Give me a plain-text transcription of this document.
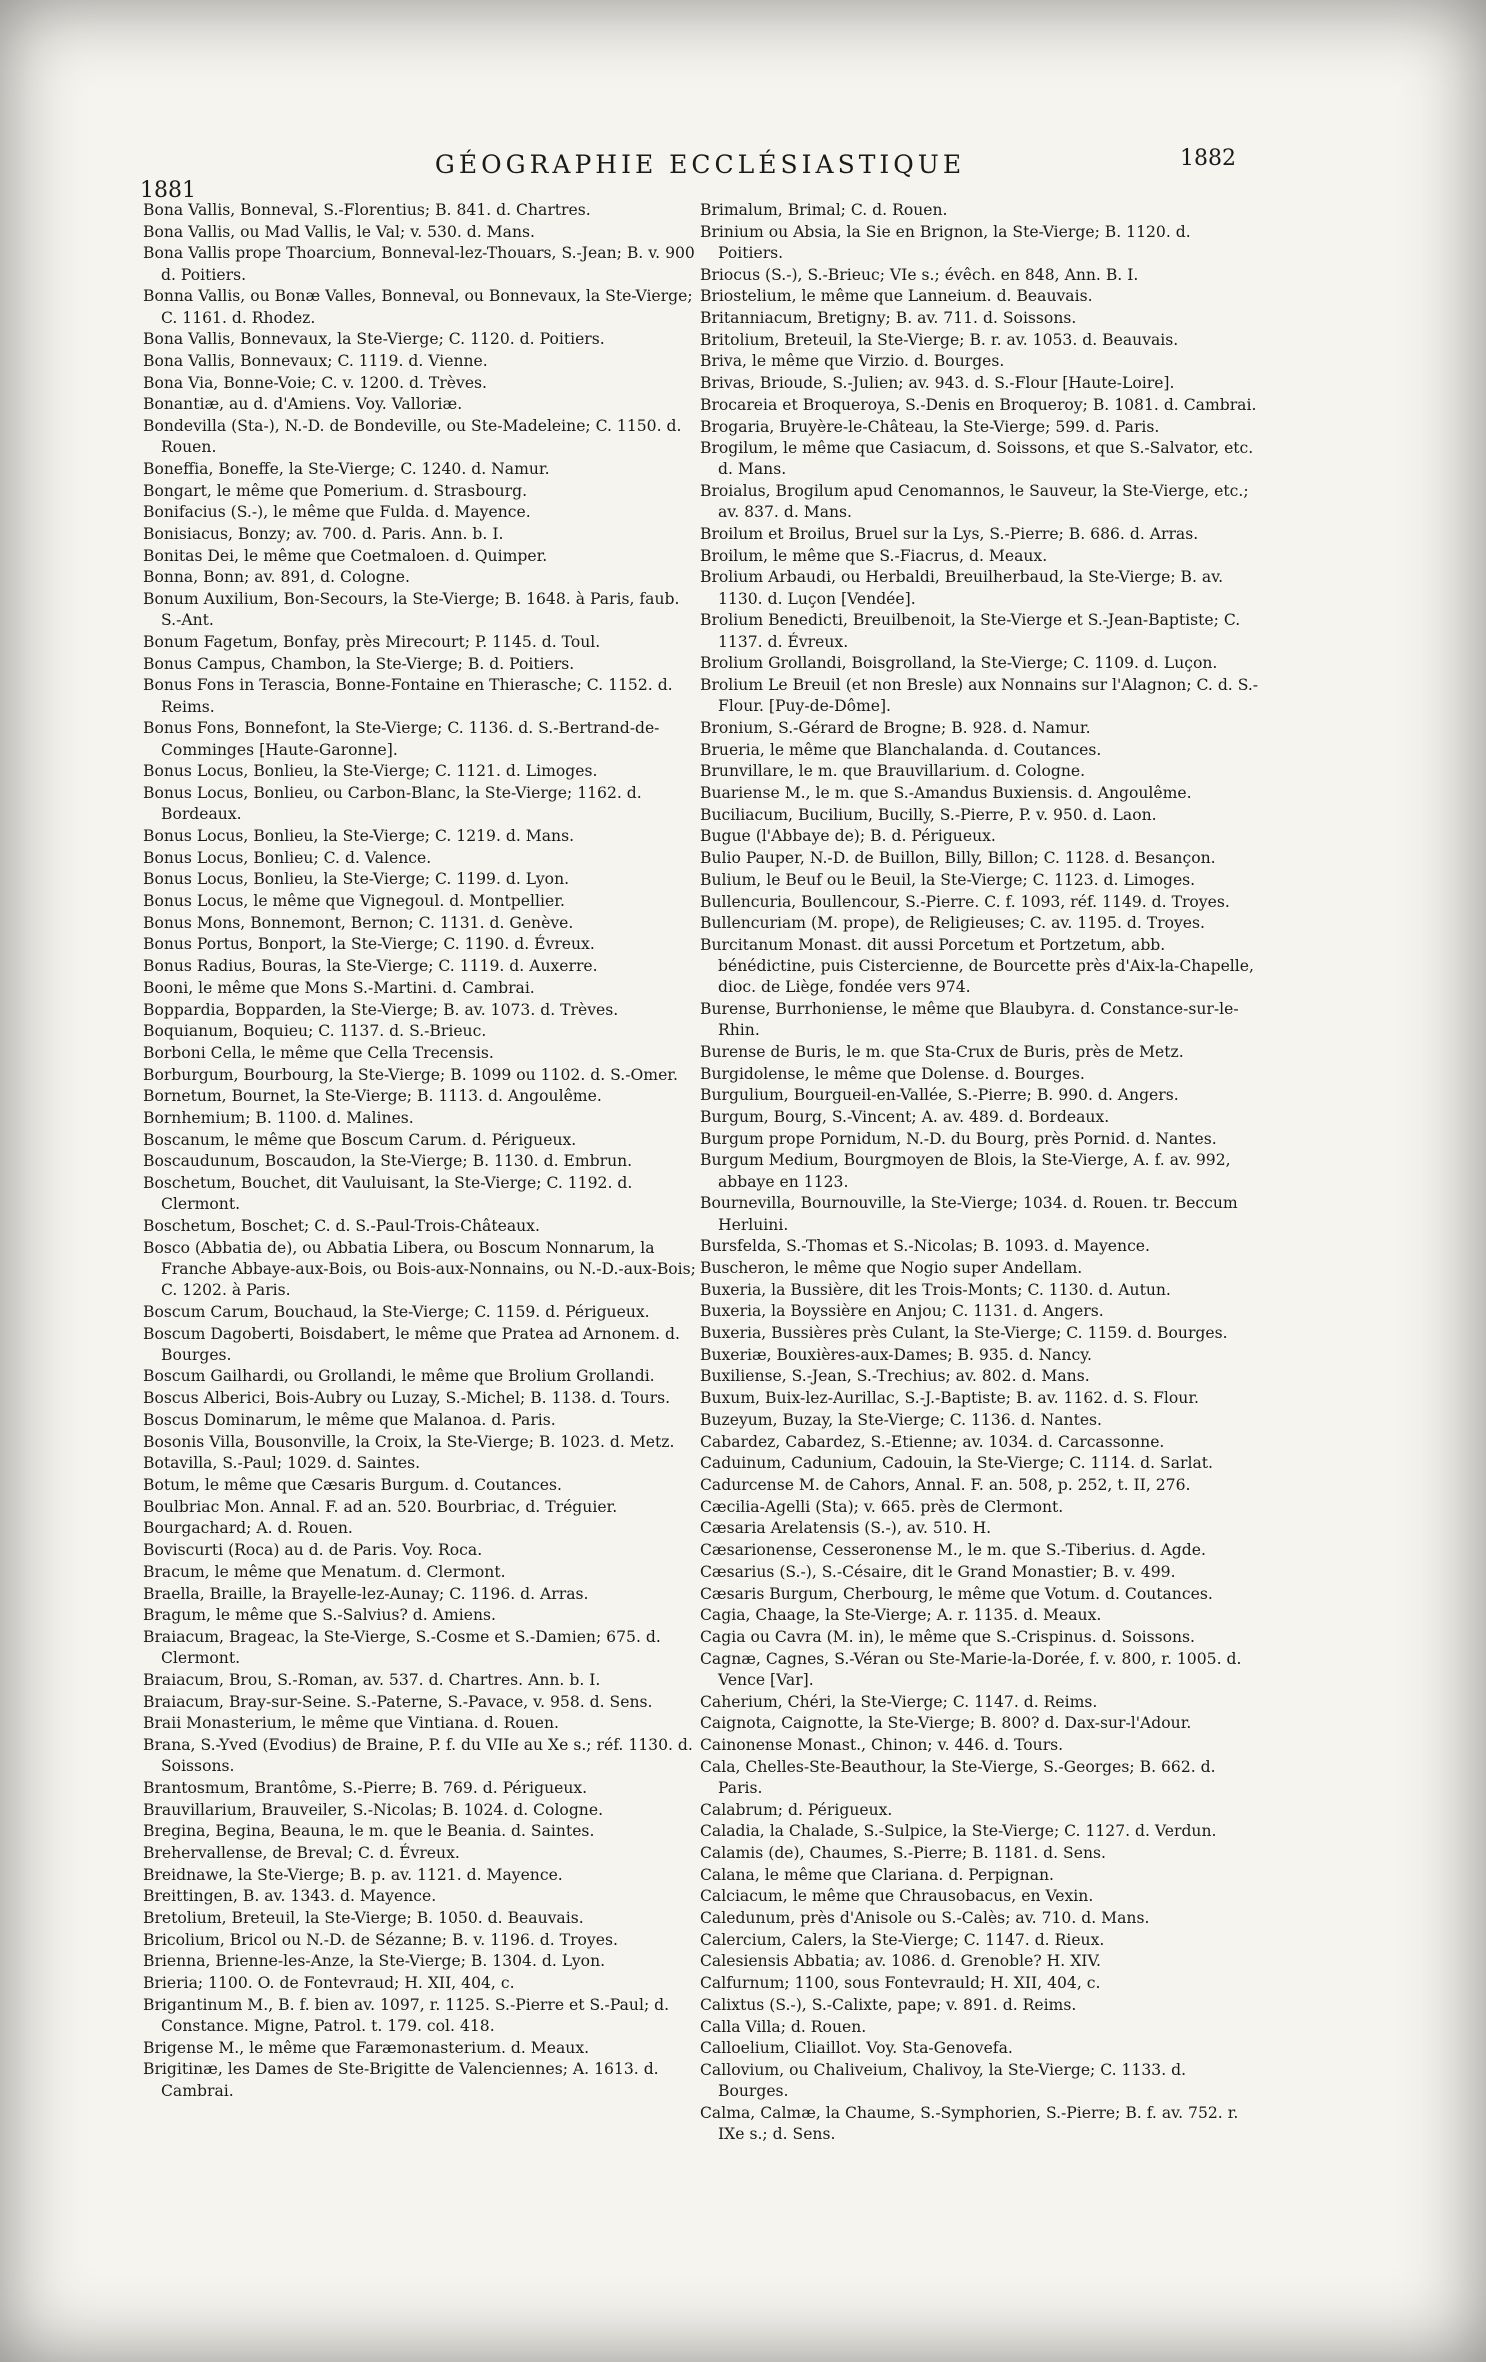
1881
GÉOGRAPHIE ECCLÉSIASTIQUE	1882

Bona Vallis, Bonneval, S.-Florentius; B. 841. d. Chartres.

Bona Vallis, ou Mad Vallis, le Val; v. 530. d. Mans.

Bona Vallis prope Thoarcium, Bonneval-lez-Thouars, S.-Jean; B. v. 900 d. Poitiers.

Bonna Vallis, ou Bonæ Valles, Bonneval, ou Bonnevaux, la Ste-Vierge; C. 1161. d. Rhodez.

Bona Vallis, Bonnevaux, la Ste-Vierge; C. 1120. d. Poitiers.

Bona Vallis, Bonnevaux; C. 1119. d. Vienne.

Bona Via, Bonne-Voie; C. v. 1200. d. Trèves.

Bonantiæ, au d. d'Amiens. Voy. Valloriæ.

Bondevilla (Sta-), N.-D. de Bondeville, ou Ste-Madeleine; C. 1150. d. Rouen.

Boneffia, Boneffe, la Ste-Vierge; C. 1240. d. Namur.

Bongart, le même que Pomerium. d. Strasbourg.

Bonifacius (S.-), le même que Fulda. d. Mayence.

Bonisiacus, Bonzy; av. 700. d. Paris. Ann. b. I.

Bonitas Dei, le même que Coetmaloen. d. Quimper.

Bonna, Bonn; av. 891, d. Cologne.

Bonum Auxilium, Bon-Secours, la Ste-Vierge; B. 1648. à Paris, faub. S.-Ant.

Bonum Fagetum, Bonfay, près Mirecourt; P. 1145. d. Toul.

Bonus Campus, Chambon, la Ste-Vierge; B. d. Poitiers.

Bonus Fons in Terascia, Bonne-Fontaine en Thierasche; C. 1152. d. Reims.

Bonus Fons, Bonnefont, la Ste-Vierge; C. 1136. d. S.-Bertrand-de-Comminges [Haute-Garonne].

Bonus Locus, Bonlieu, la Ste-Vierge; C. 1121. d. Limoges.

Bonus Locus, Bonlieu, ou Carbon-Blanc, la Ste-Vierge; 1162. d. Bordeaux.

Bonus Locus, Bonlieu, la Ste-Vierge; C. 1219. d. Mans.

Bonus Locus, Bonlieu; C. d. Valence.

Bonus Locus, Bonlieu, la Ste-Vierge; C. 1199. d. Lyon.

Bonus Locus, le même que Vignegoul. d. Montpellier.

Bonus Mons, Bonnemont, Bernon; C. 1131. d. Genève.

Bonus Portus, Bonport, la Ste-Vierge; C. 1190. d. Évreux.

Bonus Radius, Bouras, la Ste-Vierge; C. 1119. d. Auxerre.

Booni, le même que Mons S.-Martini. d. Cambrai.

Boppardia, Bopparden, la Ste-Vierge; B. av. 1073. d. Trèves.

Boquianum, Boquieu; C. 1137. d. S.-Brieuc.

Borboni Cella, le même que Cella Trecensis.

Borburgum, Bourbourg, la Ste-Vierge; B. 1099 ou 1102. d. S.-Omer.

Bornetum, Bournet, la Ste-Vierge; B. 1113. d. Angoulême.

Bornhemium; B. 1100. d. Malines.

Boscanum, le même que Boscum Carum. d. Périgueux.

Boscaudunum, Boscaudon, la Ste-Vierge; B. 1130. d. Embrun.

Boschetum, Bouchet, dit Vauluisant, la Ste-Vierge; C. 1192. d. Clermont.

Boschetum, Boschet; C. d. S.-Paul-Trois-Châteaux.

Bosco (Abbatia de), ou Abbatia Libera, ou Boscum Nonnarum, la Franche Abbaye-aux-Bois, ou Bois-aux-Nonnains, ou N.-D.-aux-Bois; C. 1202. à Paris.

Boscum Carum, Bouchaud, la Ste-Vierge; C. 1159. d. Périgueux.

Boscum Dagoberti, Boisdabert, le même que Pratea ad Arnonem. d. Bourges.

Boscum Gailhardi, ou Grollandi, le même que Brolium Grollandi.

Boscus Alberici, Bois-Aubry ou Luzay, S.-Michel; B. 1138. d. Tours.

Boscus Dominarum, le même que Malanoa. d. Paris.

Bosonis Villa, Bousonville, la Croix, la Ste-Vierge; B. 1023. d. Metz.

Botavilla, S.-Paul; 1029. d. Saintes.

Botum, le même que Cæsaris Burgum. d. Coutances.

Boulbriac Mon. Annal. F. ad an. 520. Bourbriac, d. Tréguier.

Bourgachard; A. d. Rouen.

Boviscurti (Roca) au d. de Paris. Voy. Roca.

Bracum, le même que Menatum. d. Clermont.

Braella, Braille, la Brayelle-lez-Aunay; C. 1196. d. Arras.

Bragum, le même que S.-Salvius? d. Amiens.

Braiacum, Brageac, la Ste-Vierge, S.-Cosme et S.-Damien; 675. d. Clermont.

Braiacum, Brou, S.-Roman, av. 537. d. Chartres. Ann. b. I.

Braiacum, Bray-sur-Seine. S.-Paterne, S.-Pavace, v. 958. d. Sens.

Braii Monasterium, le même que Vintiana. d. Rouen.

Brana, S.-Yved (Evodius) de Braine, P. f. du VIIe au Xe s.; réf. 1130. d. Soissons.

Brantosmum, Brantôme, S.-Pierre; B. 769. d. Périgueux.

Brauvillarium, Brauveiler, S.-Nicolas; B. 1024. d. Cologne.

Bregina, Begina, Beauna, le m. que le Beania. d. Saintes.

Brehervallense, de Breval; C. d. Évreux.

Breidnawe, la Ste-Vierge; B. p. av. 1121. d. Mayence.

Breittingen, B. av. 1343. d. Mayence.

Bretolium, Breteuil, la Ste-Vierge; B. 1050. d. Beauvais.

Bricolium, Bricol ou N.-D. de Sézanne; B. v. 1196. d. Troyes.

Brienna, Brienne-les-Anze, la Ste-Vierge; B. 1304. d. Lyon.

Brieria; 1100. O. de Fontevraud; H. XII, 404, c.

Brigantinum M., B. f. bien av. 1097, r. 1125. S.-Pierre et S.-Paul; d. Constance. Migne, Patrol. t. 179. col. 418.

Brigense M., le même que Faræmonasterium. d. Meaux.

Brigitinæ, les Dames de Ste-Brigitte de Valenciennes; A. 1613. d. Cambrai.

Brimalum, Brimal; C. d. Rouen.

Brinium ou Absia, la Sie en Brignon, la Ste-Vierge; B. 1120. d. Poitiers.

Briocus (S.-), S.-Brieuc; VIe s.; évêch. en 848, Ann. B. I.

Briostelium, le même que Lanneium. d. Beauvais.

Britanniacum, Bretigny; B. av. 711. d. Soissons.

Britolium, Breteuil, la Ste-Vierge; B. r. av. 1053. d. Beauvais.

Briva, le même que Virzio. d. Bourges.

Brivas, Brioude, S.-Julien; av. 943. d. S.-Flour [Haute-Loire].

Brocareia et Broqueroya, S.-Denis en Broqueroy; B. 1081. d. Cambrai.

Brogaria, Bruyère-le-Château, la Ste-Vierge; 599. d. Paris.

Brogilum, le même que Casiacum, d. Soissons, et que S.-Salvator, etc. d. Mans.

Broialus, Brogilum apud Cenomannos, le Sauveur, la Ste-Vierge, etc.; av. 837. d. Mans.

Broilum et Broilus, Bruel sur la Lys, S.-Pierre; B. 686. d. Arras.

Broilum, le même que S.-Fiacrus, d. Meaux.

Brolium Arbaudi, ou Herbaldi, Breuilherbaud, la Ste-Vierge; B. av. 1130. d. Luçon [Vendée].

Brolium Benedicti, Breuilbenoit, la Ste-Vierge et S.-Jean-Baptiste; C. 1137. d. Évreux.

Brolium Grollandi, Boisgrolland, la Ste-Vierge; C. 1109. d. Luçon.

Brolium Le Breuil (et non Bresle) aux Nonnains sur l'Alagnon; C. d. S.-Flour. [Puy-de-Dôme].

Bronium, S.-Gérard de Brogne; B. 928. d. Namur.

Brueria, le même que Blanchalanda. d. Coutances.

Brunvillare, le m. que Brauvillarium. d. Cologne.

Buariense M., le m. que S.-Amandus Buxiensis. d. Angoulême.

Buciliacum, Bucilium, Bucilly, S.-Pierre, P. v. 950. d. Laon.

Bugue (l'Abbaye de); B. d. Périgueux.

Bulio Pauper, N.-D. de Buillon, Billy, Billon; C. 1128. d. Besançon.

Bulium, le Beuf ou le Beuil, la Ste-Vierge; C. 1123. d. Limoges.

Bullencuria, Boullencour, S.-Pierre. C. f. 1093, réf. 1149. d. Troyes.

Bullencuriam (M. prope), de Religieuses; C. av. 1195. d. Troyes.

Burcitanum Monast. dit aussi Porcetum et Portzetum, abb. bénédictine, puis Cistercienne, de Bourcette près d'Aix-la-Chapelle, dioc. de Liège, fondée vers 974.

Burense, Burrhoniense, le même que Blaubyra. d. Constance-sur-le-Rhin.

Burense de Buris, le m. que Sta-Crux de Buris, près de Metz.

Burgidolense, le même que Dolense. d. Bourges.

Burgulium, Bourgueil-en-Vallée, S.-Pierre; B. 990. d. Angers.

Burgum, Bourg, S.-Vincent; A. av. 489. d. Bordeaux.

Burgum prope Pornidum, N.-D. du Bourg, près Pornid. d. Nantes.

Burgum Medium, Bourgmoyen de Blois, la Ste-Vierge, A. f. av. 992, abbaye en 1123.

Bournevilla, Bournouville, la Ste-Vierge; 1034. d. Rouen. tr. Beccum Herluini.

Bursfelda, S.-Thomas et S.-Nicolas; B. 1093. d. Mayence.

Buscheron, le même que Nogio super Andellam.

Buxeria, la Bussière, dit les Trois-Monts; C. 1130. d. Autun.

Buxeria, la Boyssière en Anjou; C. 1131. d. Angers.

Buxeria, Bussières près Culant, la Ste-Vierge; C. 1159. d. Bourges.

Buxeriæ, Bouxières-aux-Dames; B. 935. d. Nancy.

Buxiliense, S.-Jean, S.-Trechius; av. 802. d. Mans.

Buxum, Buix-lez-Aurillac, S.-J.-Baptiste; B. av. 1162. d. S. Flour.

Buzeyum, Buzay, la Ste-Vierge; C. 1136. d. Nantes.

Cabardez, Cabardez, S.-Etienne; av. 1034. d. Carcassonne.

Caduinum, Cadunium, Cadouin, la Ste-Vierge; C. 1114. d. Sarlat.

Cadurcense M. de Cahors, Annal. F. an. 508, p. 252, t. II, 276.

Cæcilia-Agelli (Sta); v. 665. près de Clermont.

Cæsaria Arelatensis (S.-), av. 510. H.

Cæsarionense, Cesseronense M., le m. que S.-Tiberius. d. Agde.

Cæsarius (S.-), S.-Césaire, dit le Grand Monastier; B. v. 499.

Cæsaris Burgum, Cherbourg, le même que Votum. d. Coutances.

Cagia, Chaage, la Ste-Vierge; A. r. 1135. d. Meaux.

Cagia ou Cavra (M. in), le même que S.-Crispinus. d. Soissons.

Cagnæ, Cagnes, S.-Véran ou Ste-Marie-la-Dorée, f. v. 800, r. 1005. d. Vence [Var].

Caherium, Chéri, la Ste-Vierge; C. 1147. d. Reims.

Caignota, Caignotte, la Ste-Vierge; B. 800? d. Dax-sur-l'Adour.

Cainonense Monast., Chinon; v. 446. d. Tours.

Cala, Chelles-Ste-Beauthour, la Ste-Vierge, S.-Georges; B. 662. d. Paris.

Calabrum; d. Périgueux.

Caladia, la Chalade, S.-Sulpice, la Ste-Vierge; C. 1127. d. Verdun.

Calamis (de), Chaumes, S.-Pierre; B. 1181. d. Sens.

Calana, le même que Clariana. d. Perpignan.

Calciacum, le même que Chrausobacus, en Vexin.

Caledunum, près d'Anisole ou S.-Calès; av. 710. d. Mans.

Calercium, Calers, la Ste-Vierge; C. 1147. d. Rieux.

Calesiensis Abbatia; av. 1086. d. Grenoble? H. XIV.

Calfurnum; 1100, sous Fontevrauld; H. XII, 404, c.

Calixtus (S.-), S.-Calixte, pape; v. 891. d. Reims.

Calla Villa; d. Rouen.

Calloelium, Cliaillot. Voy. Sta-Genovefa.

Callovium, ou Chaliveium, Chalivoy, la Ste-Vierge; C. 1133. d. Bourges.

Calma, Calmæ, la Chaume, S.-Symphorien, S.-Pierre; B. f. av. 752. r. IXe s.; d. Sens.
